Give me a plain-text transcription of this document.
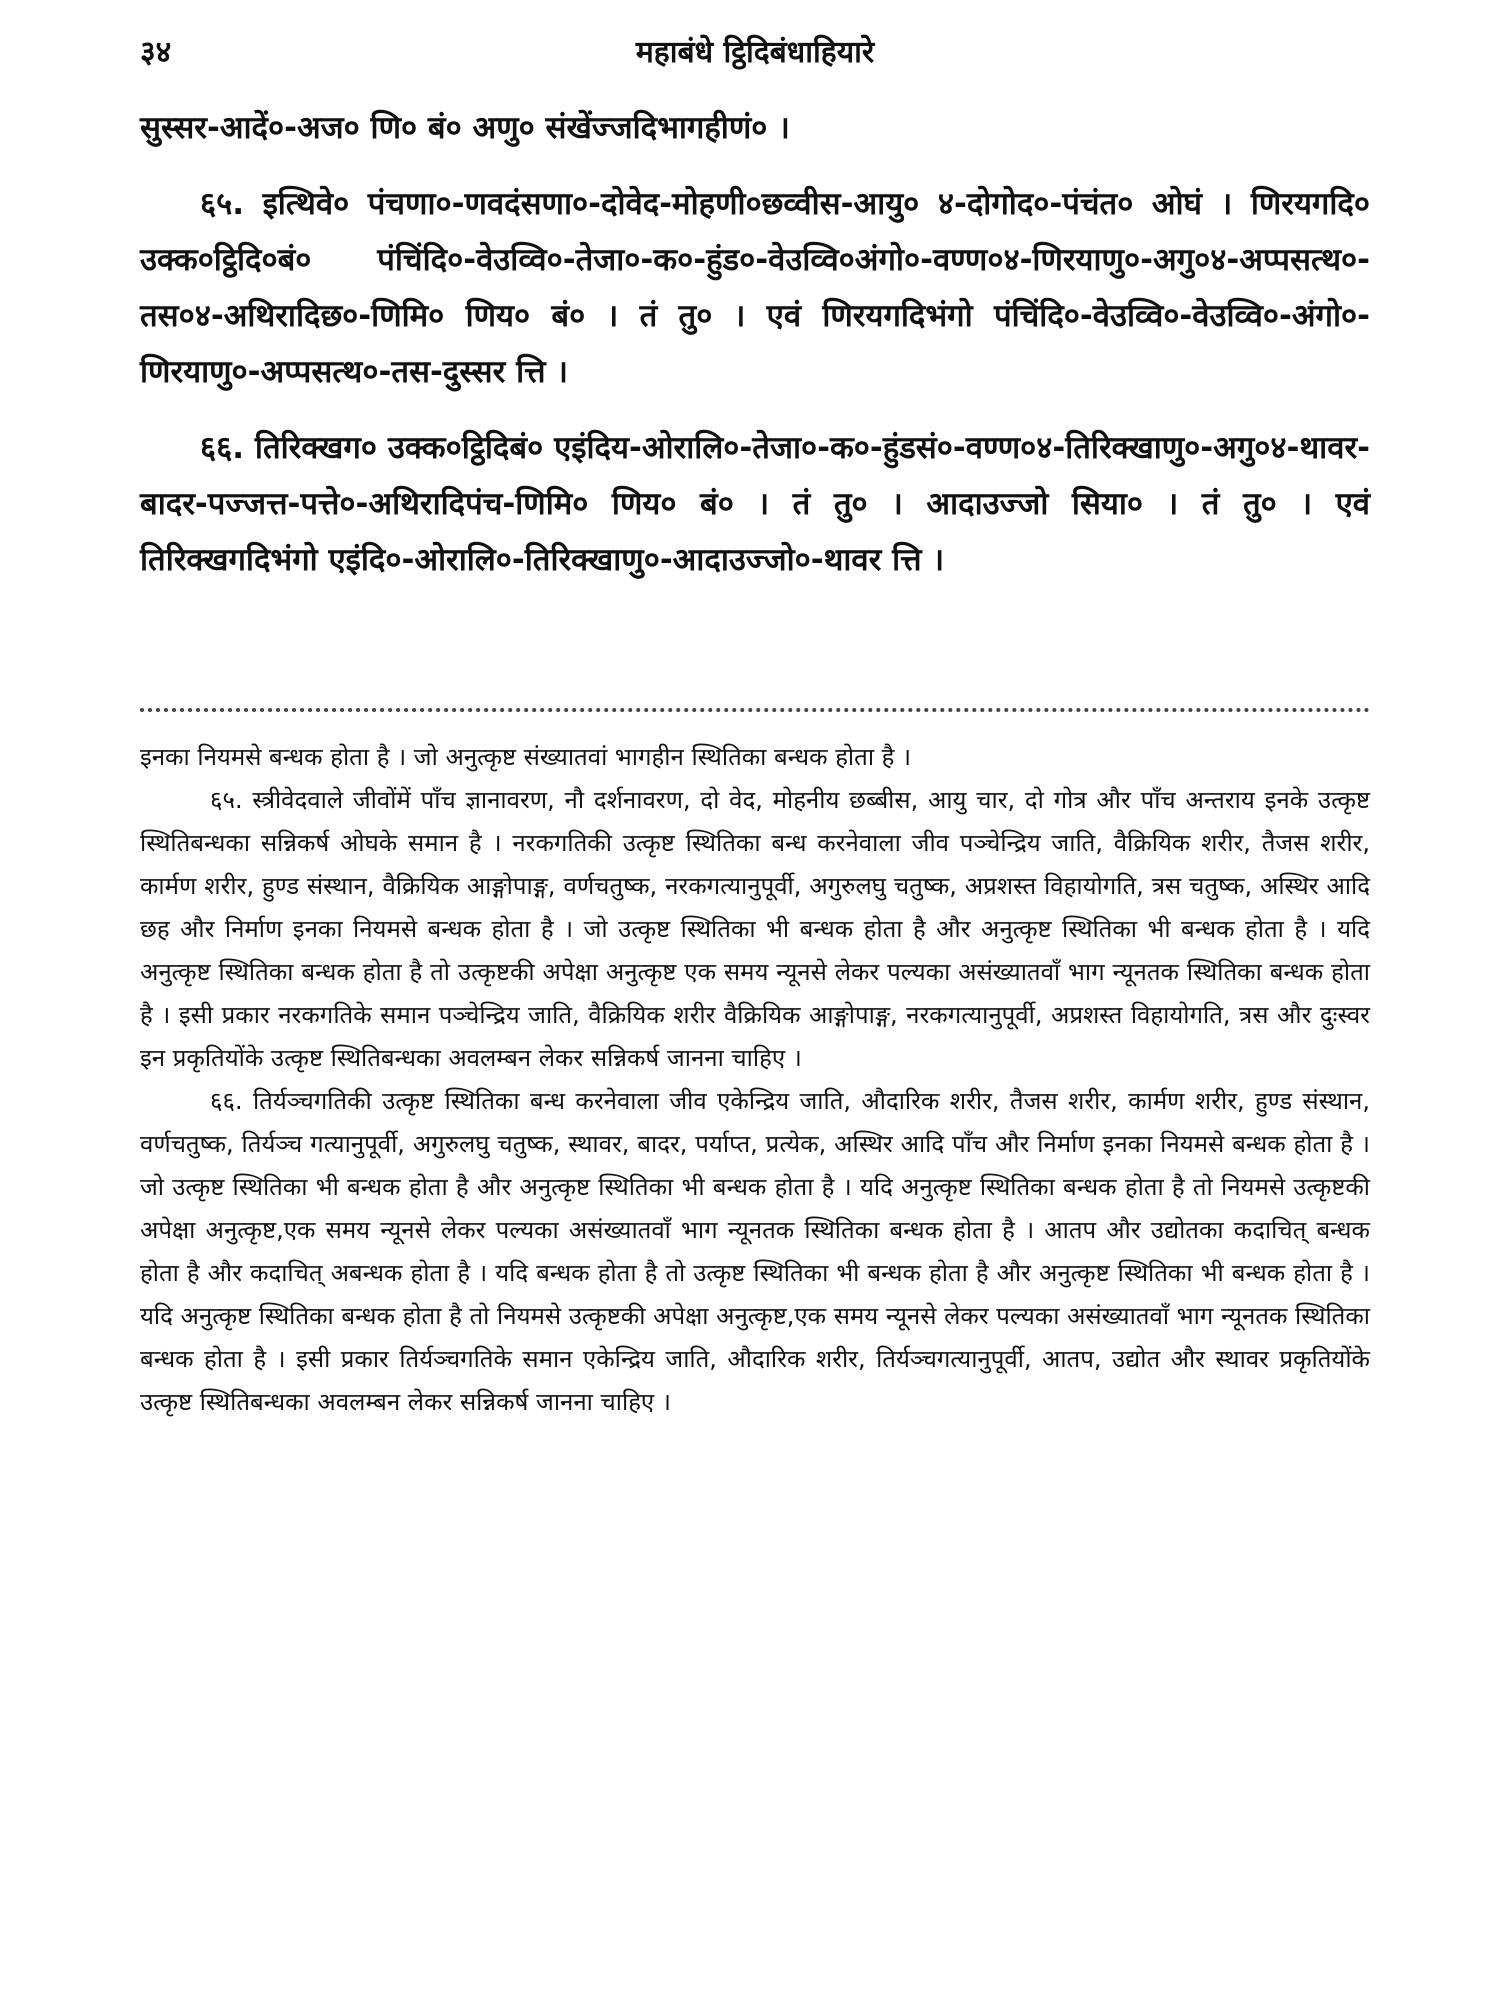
३४	महाबंधे ट्ठिदिबंधाहियारे

सुस्सर-आदें०-अज० णि० बं० अणु० संखेंज्जदिभागहीणं० ।

६५. इत्थिवे० पंचणा०-णवदंसणा०-दोवेद-मोहणी०छव्वीस-आयु० ४-दोगोद०-पंचंत० ओघं । णिरयगदि० उक्क०ट्ठिदि०बं० पंचिंदि०-वेउव्वि०-तेजा०-क०-हुंड०-वेउव्वि०अंगो०-वण्ण०४-णिरयाणु०-अगु०४-अप्पसत्थ०-तस०४-अथिरादिछ०-णिमि० णिय० बं० । तं तु० । एवं णिरयगदिभंगो पंचिंदि०-वेउव्वि०-वेउव्वि०-अंगो०-णिरयाणु०-अप्पसत्थ०-तस-दुस्सर त्ति ।

६६. तिरिक्खग० उक्क०ट्ठिदिबं० एइंदिय-ओरालि०-तेजा०-क०-हुंडसं०-वण्ण०४-तिरिक्खाणु०-अगु०४-थावर-बादर-पज्जत्त-पत्ते०-अथिरादिपंच-णिमि० णिय० बं० । तं तु० । आदाउज्जो सिया० । तं तु० । एवं तिरिक्खगदिभंगो एइंदि०-ओरालि०-तिरिक्खाणु०-आदाउज्जो०-थावर त्ति ।

इनका नियमसे बन्धक होता है । जो अनुत्कृष्ट संख्यातवां भागहीन स्थितिका बन्धक होता है ।

६५. स्त्रीवेदवाले जीवोंमें पाँच ज्ञानावरण, नौ दर्शनावरण, दो वेद, मोहनीय छब्बीस, आयु चार, दो गोत्र और पाँच अन्तराय इनके उत्कृष्ट स्थितिबन्धका सन्निकर्ष ओघके समान है । नरकगतिकी उत्कृष्ट स्थितिका बन्ध करनेवाला जीव पञ्चेन्द्रिय जाति, वैक्रियिक शरीर, तैजस शरीर, कार्मण शरीर, हुण्ड संस्थान, वैक्रियिक आङ्गोपाङ्ग, वर्णचतुष्क, नरकगत्यानुपूर्वी, अगुरुलघु चतुष्क, अप्रशस्त विहायोगति, त्रस चतुष्क, अस्थिर आदि छह और निर्माण इनका नियमसे बन्धक होता है । जो उत्कृष्ट स्थितिका भी बन्धक होता है और अनुत्कृष्ट स्थितिका भी बन्धक होता है । यदि अनुत्कृष्ट स्थितिका बन्धक होता है तो उत्कृष्टकी अपेक्षा अनुत्कृष्ट एक समय न्यूनसे लेकर पल्यका असंख्यातवाँ भाग न्यूनतक स्थितिका बन्धक होता है । इसी प्रकार नरकगतिके समान पञ्चेन्द्रिय जाति, वैक्रियिक शरीर वैक्रियिक आङ्गोपाङ्ग, नरकगत्यानुपूर्वी, अप्रशस्त विहायोगति, त्रस और दुःस्वर इन प्रकृतियोंके उत्कृष्ट स्थितिबन्धका अवलम्बन लेकर सन्निकर्ष जानना चाहिए ।

६६. तिर्यञ्चगतिकी उत्कृष्ट स्थितिका बन्ध करनेवाला जीव एकेन्द्रिय जाति, औदारिक शरीर, तैजस शरीर, कार्मण शरीर, हुण्ड संस्थान, वर्णचतुष्क, तिर्यञ्च गत्यानुपूर्वी, अगुरुलघु चतुष्क, स्थावर, बादर, पर्याप्त, प्रत्येक, अस्थिर आदि पाँच और निर्माण इनका नियमसे बन्धक होता है । जो उत्कृष्ट स्थितिका भी बन्धक होता है और अनुत्कृष्ट स्थितिका भी बन्धक होता है । यदि अनुत्कृष्ट स्थितिका बन्धक होता है तो नियमसे उत्कृष्टकी अपेक्षा अनुत्कृष्ट,एक समय न्यूनसे लेकर पल्यका असंख्यातवाँ भाग न्यूनतक स्थितिका बन्धक होता है । आतप और उद्योतका कदाचित् बन्धक होता है और कदाचित् अबन्धक होता है । यदि बन्धक होता है तो उत्कृष्ट स्थितिका भी बन्धक होता है और अनुत्कृष्ट स्थितिका भी बन्धक होता है । यदि अनुत्कृष्ट स्थितिका बन्धक होता है तो नियमसे उत्कृष्टकी अपेक्षा अनुत्कृष्ट,एक समय न्यूनसे लेकर पल्यका असंख्यातवाँ भाग न्यूनतक स्थितिका बन्धक होता है । इसी प्रकार तिर्यञ्चगतिके समान एकेन्द्रिय जाति, औदारिक शरीर, तिर्यञ्चगत्यानुपूर्वी, आतप, उद्योत और स्थावर प्रकृतियोंके उत्कृष्ट स्थितिबन्धका अवलम्बन लेकर सन्निकर्ष जानना चाहिए ।
